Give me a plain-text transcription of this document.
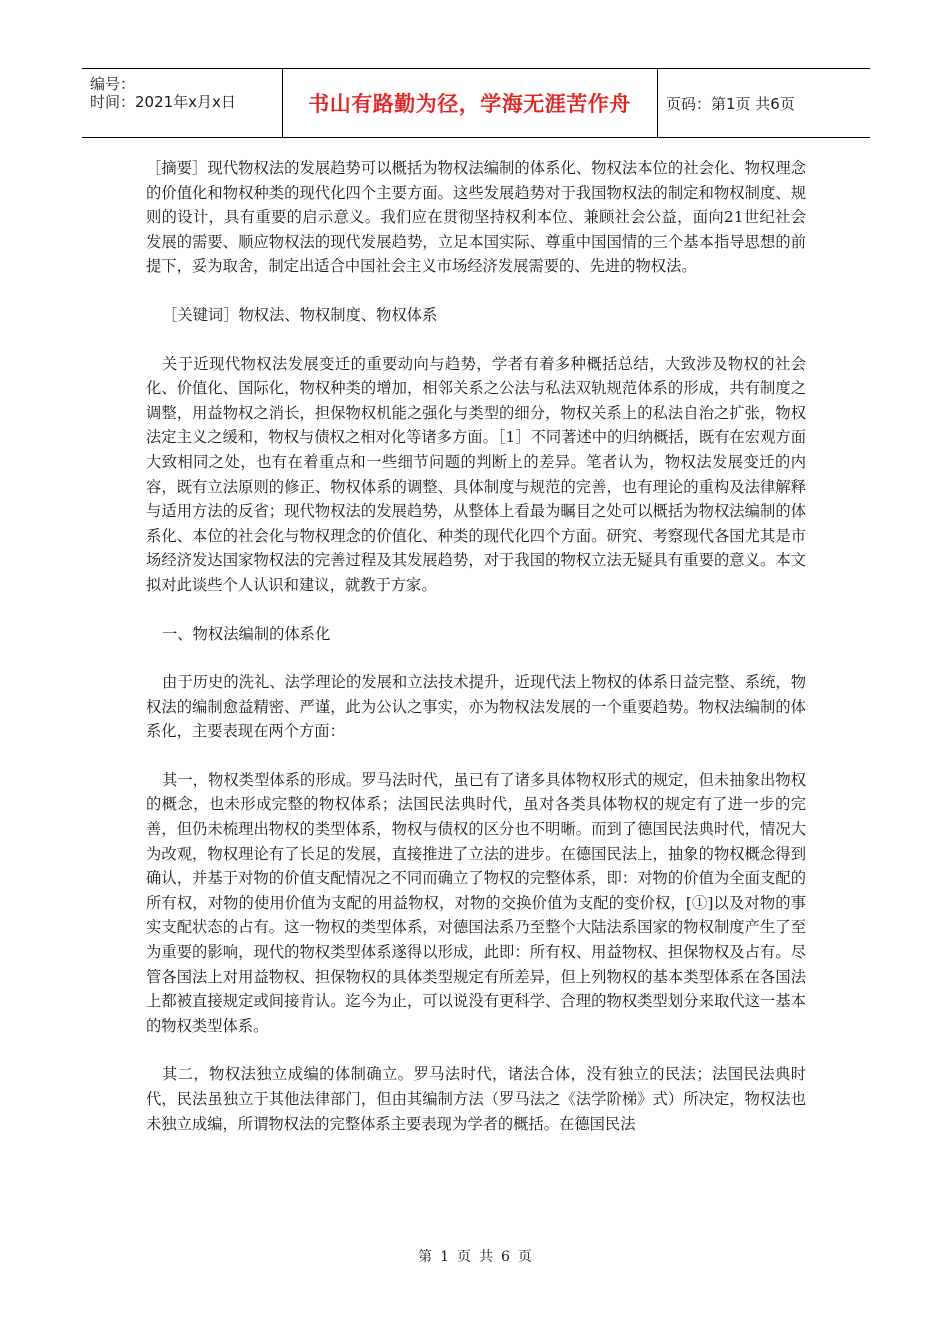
编号：
时间：2021年x月x日	书山有路勤为径，学海无涯苦作舟	页码：第1页 共6页

［摘要］现代物权法的发展趋势可以概括为物权法编制的体系化、物权法本位的社会化、物权理念的价值化和物权种类的现代化四个主要方面。这些发展趋势对于我国物权法的制定和物权制度、规则的设计，具有重要的启示意义。我们应在贯彻坚持权利本位、兼顾社会公益，面向21世纪社会发展的需要、顺应物权法的现代发展趋势，立足本国实际、尊重中国国情的三个基本指导思想的前提下，妥为取舍，制定出适合中国社会主义市场经济发展需要的、先进的物权法。

［关键词］物权法、物权制度、物权体系

关于近现代物权法发展变迁的重要动向与趋势，学者有着多种概括总结，大致涉及物权的社会化、价值化、国际化，物权种类的增加，相邻关系之公法与私法双轨规范体系的形成，共有制度之调整，用益物权之消长，担保物权机能之强化与类型的细分，物权关系上的私法自治之扩张，物权法定主义之缓和，物权与债权之相对化等诸多方面。［1］不同著述中的归纳概括，既有在宏观方面大致相同之处，也有在着重点和一些细节问题的判断上的差异。笔者认为，物权法发展变迁的内容，既有立法原则的修正、物权体系的调整、具体制度与规范的完善，也有理论的重构及法律解释与适用方法的反省；现代物权法的发展趋势，从整体上看最为瞩目之处可以概括为物权法编制的体系化、本位的社会化与物权理念的价值化、种类的现代化四个方面。研究、考察现代各国尤其是市场经济发达国家物权法的完善过程及其发展趋势，对于我国的物权立法无疑具有重要的意义。本文拟对此谈些个人认识和建议，就教于方家。

一、物权法编制的体系化

由于历史的洗礼、法学理论的发展和立法技术提升，近现代法上物权的体系日益完整、系统，物权法的编制愈益精密、严谨，此为公认之事实，亦为物权法发展的一个重要趋势。物权法编制的体系化，主要表现在两个方面：

其一，物权类型体系的形成。罗马法时代，虽已有了诸多具体物权形式的规定，但未抽象出物权的概念，也未形成完整的物权体系；法国民法典时代，虽对各类具体物权的规定有了进一步的完善，但仍未梳理出物权的类型体系，物权与债权的区分也不明晰。而到了德国民法典时代，情况大为改观，物权理论有了长足的发展，直接推进了立法的进步。在德国民法上，抽象的物权概念得到确认，并基于对物的价值支配情况之不同而确立了物权的完整体系，即：对物的价值为全面支配的所有权，对物的使用价值为支配的用益物权，对物的交换价值为支配的变价权，[①]以及对物的事实支配状态的占有。这一物权的类型体系，对德国法系乃至整个大陆法系国家的物权制度产生了至为重要的影响，现代的物权类型体系遂得以形成，此即：所有权、用益物权、担保物权及占有。尽管各国法上对用益物权、担保物权的具体类型规定有所差异，但上列物权的基本类型体系在各国法上都被直接规定或间接肯认。迄今为止，可以说没有更科学、合理的物权类型划分来取代这一基本的物权类型体系。

其二，物权法独立成编的体制确立。罗马法时代，诸法合体，没有独立的民法；法国民法典时代，民法虽独立于其他法律部门，但由其编制方法（罗马法之《法学阶梯》式）所决定，物权法也未独立成编，所谓物权法的完整体系主要表现为学者的概括。在德国民法

第 1 页 共 6 页
